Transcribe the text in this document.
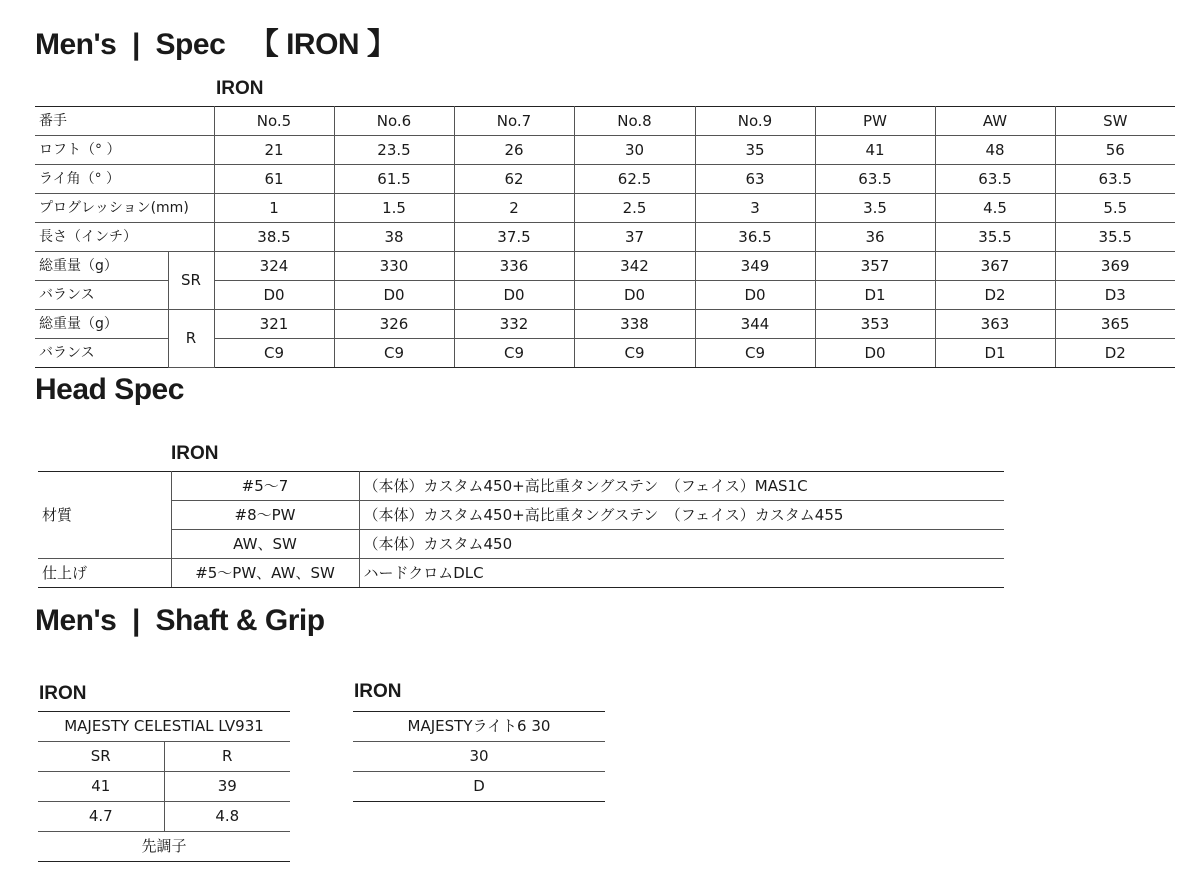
Men's  |  Spec   【 IRON 】
IRON
番手		No.5	No.6	No.7	No.8	No.9	PW	AW	SW
ロフト（° ）		21	23.5	26	30	35	41	48	56
ライ角（° ）		61	61.5	62	62.5	63	63.5	63.5	63.5
プログレッション(mm)		1	1.5	2	2.5	3	3.5	4.5	5.5
長さ（インチ）		38.5	38	37.5	37	36.5	36	35.5	35.5
総重量（g）	SR	324	330	336	342	349	357	367	369
バランス		D0	D0	D0	D0	D0	D1	D2	D3
総重量（g）	R	321	326	332	338	344	353	363	365
バランス		C9	C9	C9	C9	C9	D0	D1	D2
Head Spec
IRON
材質	#5〜7	（本体）カスタム450+高比重タングステン　（フェイス）MAS1C
	#8〜PW	（本体）カスタム450+高比重タングステン　（フェイス）カスタム455
	AW、SW	（本体）カスタム450
仕上げ	#5〜PW、AW、SW	ハードクロムDLC
Men's  |  Shaft & Grip
IRON	IRON
MAJESTY CELESTIAL LV931	
SR	R
41	39
4.7	4.8
先調子	
MAJESTYライト6 30
30
D
